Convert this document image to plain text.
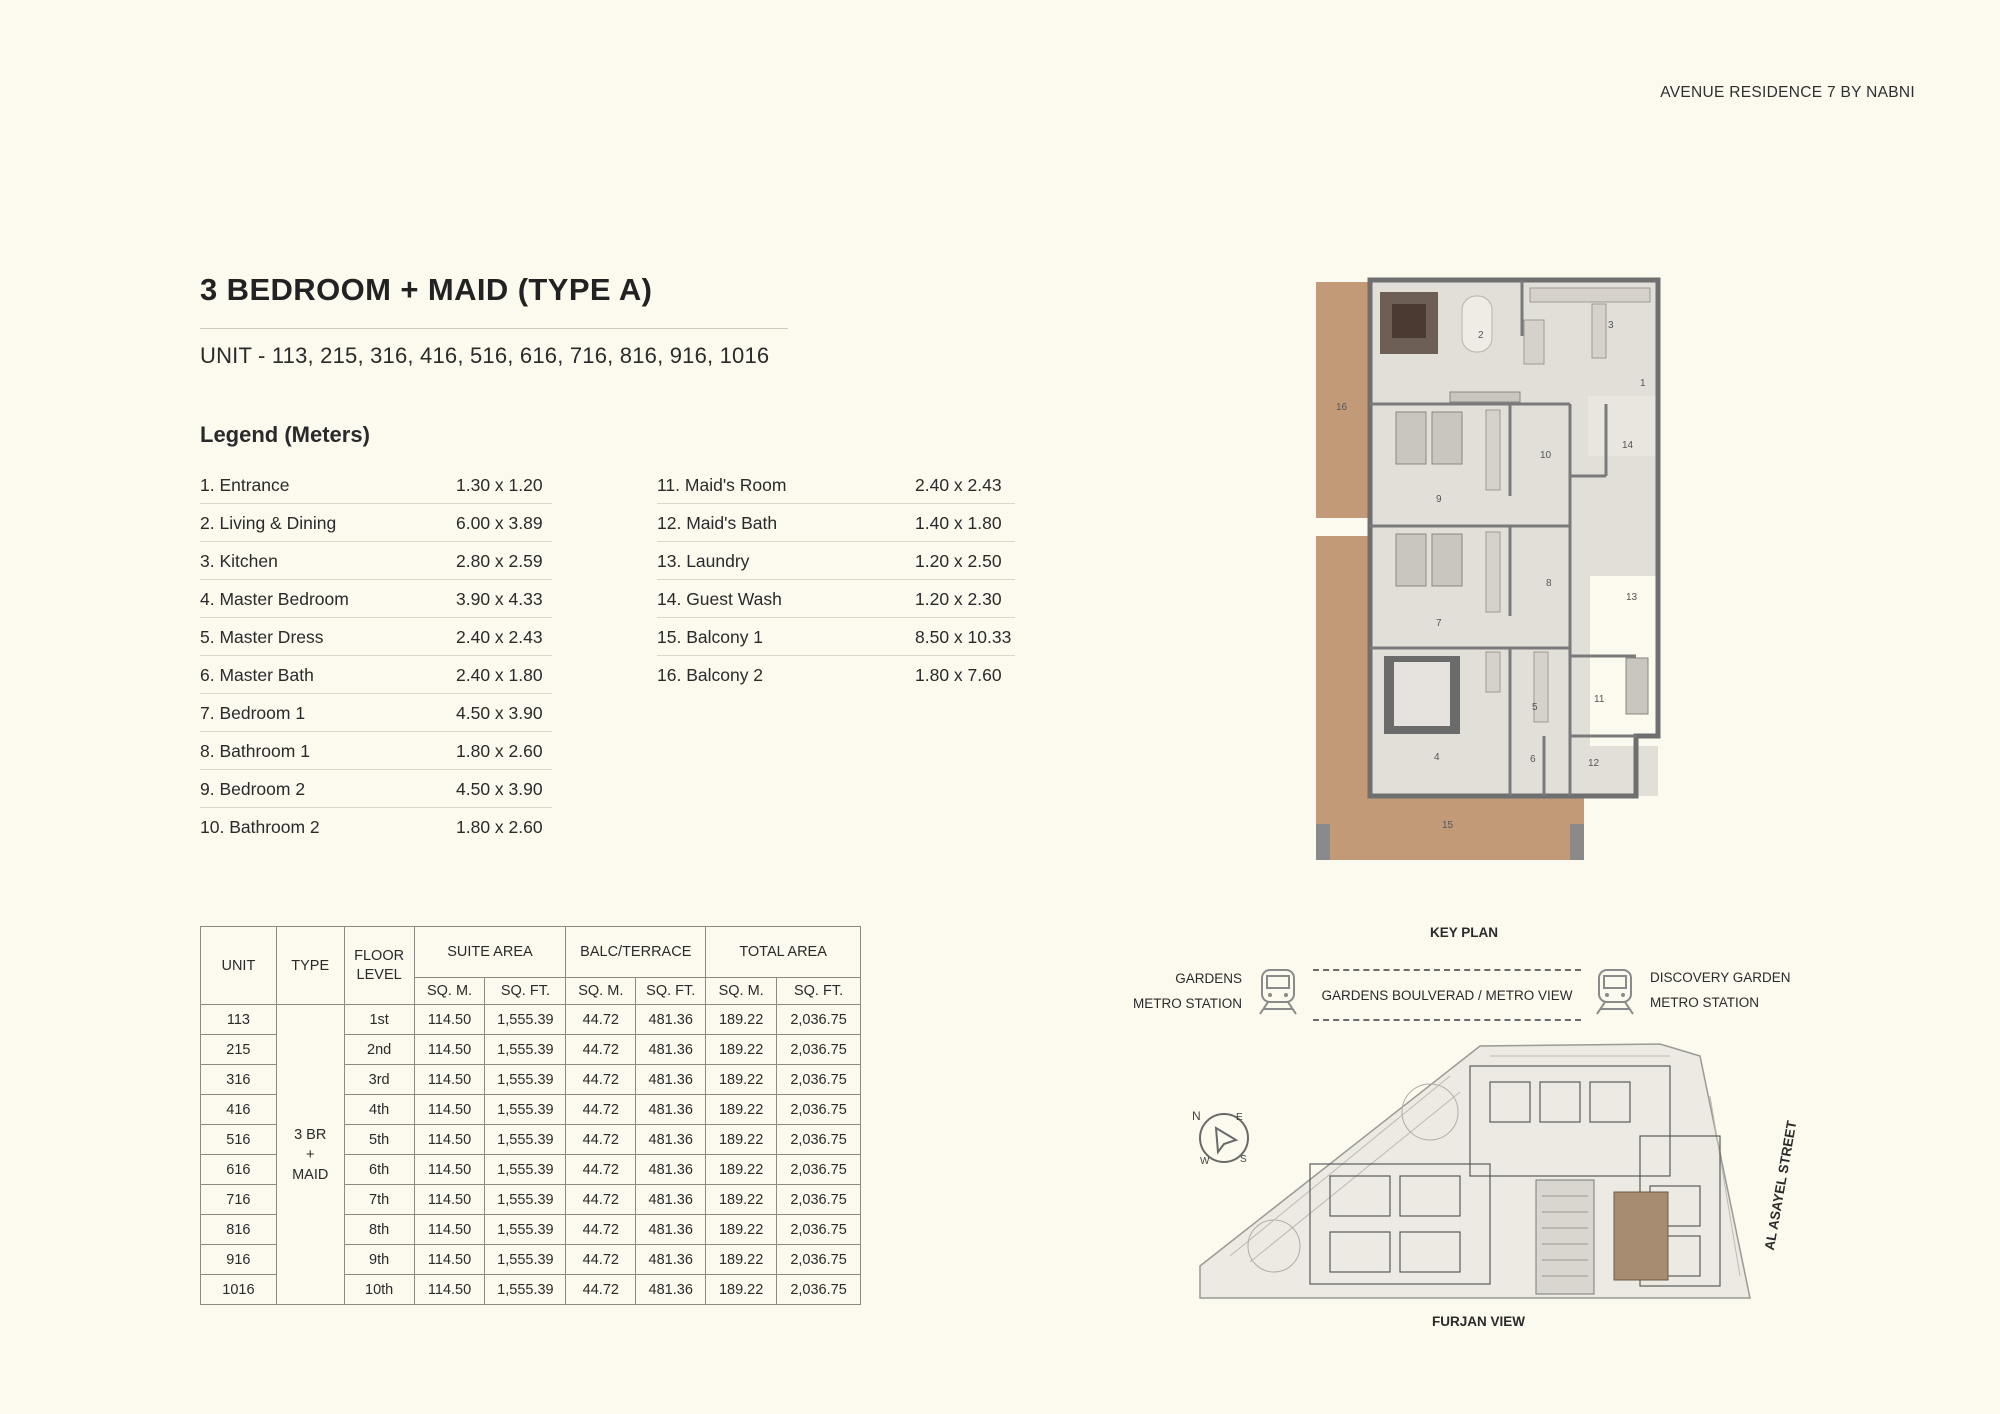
AVENUE RESIDENCE 7 BY NABNI
3 BEDROOM + MAID (TYPE A)
UNIT - 113, 215, 316, 416, 516, 616, 716, 816, 916, 1016
Legend (Meters)
1. Entrance	1.30 x 1.20
2. Living & Dining	6.00 x 3.89
3. Kitchen	2.80 x 2.59
4. Master Bedroom	3.90 x 4.33
5. Master Dress	2.40 x 2.43
6. Master Bath	2.40 x 1.80
7. Bedroom 1	4.50 x 3.90
8. Bathroom 1	1.80 x 2.60
9. Bedroom 2	4.50 x 3.90
10. Bathroom 2	1.80 x 2.60
11. Maid's Room	2.40 x 2.43
12. Maid's Bath	1.40 x 1.80
13. Laundry	1.20 x 2.50
14. Guest Wash	1.20 x 2.30
15. Balcony 1	8.50 x 10.33
16. Balcony 2	1.80 x 7.60
UNIT	TYPE	FLOOR LEVEL	SUITE AREA		BALC/TERRACE		TOTAL AREA	
			SQ. M.	SQ. FT.	SQ. M.	SQ. FT.	SQ. M.	SQ. FT.
113	3 BR + MAID	1st	114.50	1,555.39	44.72	481.36	189.22	2,036.75
215		2nd	114.50	1,555.39	44.72	481.36	189.22	2,036.75
316		3rd	114.50	1,555.39	44.72	481.36	189.22	2,036.75
416		4th	114.50	1,555.39	44.72	481.36	189.22	2,036.75
516		5th	114.50	1,555.39	44.72	481.36	189.22	2,036.75
616		6th	114.50	1,555.39	44.72	481.36	189.22	2,036.75
716		7th	114.50	1,555.39	44.72	481.36	189.22	2,036.75
816		8th	114.50	1,555.39	44.72	481.36	189.22	2,036.75
916		9th	114.50	1,555.39	44.72	481.36	189.22	2,036.75
1016		10th	114.50	1,555.39	44.72	481.36	189.22	2,036.75
1
2
3
4
5
6
7
8
9
10
11
12
13
14
15
16
KEY PLAN
GARDENS
METRO STATION
GARDENS BOULVERAD / METRO VIEW
DISCOVERY GARDEN
METRO STATION
N	E
W	S	AL ASAYEL STREET
FURJAN VIEW
